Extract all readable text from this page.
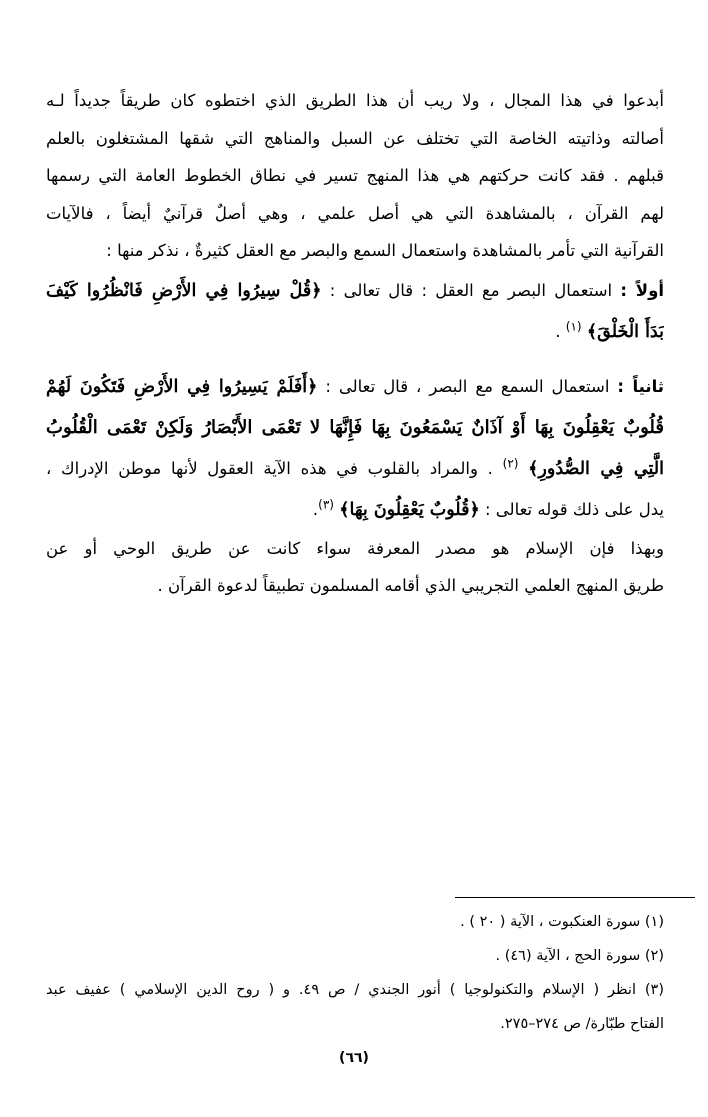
أبدعوا في هذا المجال ، ولا ريب أن هذا الطريق الذي اختطوه كان طريقاً جديداً لـه
أصالته وذاتيته الخاصة التي تختلف عن السبل والمناهج التي شقها المشتغلون بالعلم
قبلهم . فقد كانت حركتهم هي هذا المنهج تسير في نطاق الخطوط العامة التي رسمها
لهم القرآن ، بالمشاهدة التي هي أصل علمي ، وهي أصلٌ قرآنيٌ أيضاً ، فالآيات
القرآنية التي تأمر بالمشاهدة واستعمال السمع والبصر مع العقل كثيرةٌ ، نذكر منها :
أولاً : استعمال البصر مع العقل : قال تعالى : ﴿قُلْ سِيرُوا فِي الأَرْضِ فَانْظُرُوا كَيْفَ
بَدَأَ الْخَلْقَ﴾ $^{(١)}$ .
ثانياً : استعمال السمع مع البصر ، قال تعالى : ﴿أَفَلَمْ يَسِيرُوا فِي الأَرْضِ فَتَكُونَ لَهُمْ
قُلُوبٌ يَعْقِلُونَ بِهَا أَوْ آذَانٌ يَسْمَعُونَ بِهَا فَإِنَّهَا لا تَعْمَى الأَبْصَارُ وَلَكِنْ تَعْمَى الْقُلُوبُ
الَّتِي فِي الصُّدُورِ﴾ $^{(٢)}$ . والمراد بالقلوب في هذه الآية العقول لأنها موطن الإدراك ،
يدل على ذلك قوله تعالى : ﴿قُلُوبٌ يَعْقِلُونَ بِهَا﴾ $^{(٣)}$.
وبهذا فإن الإسلام هو مصدر المعرفة سواء كانت عن طريق الوحي أو عن
طريق المنهج العلمي التجريبي الذي أقامه المسلمون تطبيقاً لدعوة القرآن .
(١) سورة العنكبوت ، الآية ( ٢٠ ) .
(٢) سورة الحج ، الآية (٤٦) .
(٣) انظر ( الإسلام والتكنولوجيا ) أنور الجندي / ص ٤٩. و ( روح الدين الإسلامي ) عفيف عبد
الفتاح طبّارة/ ص ٢٧٤–٢٧٥.
(٦٦)
